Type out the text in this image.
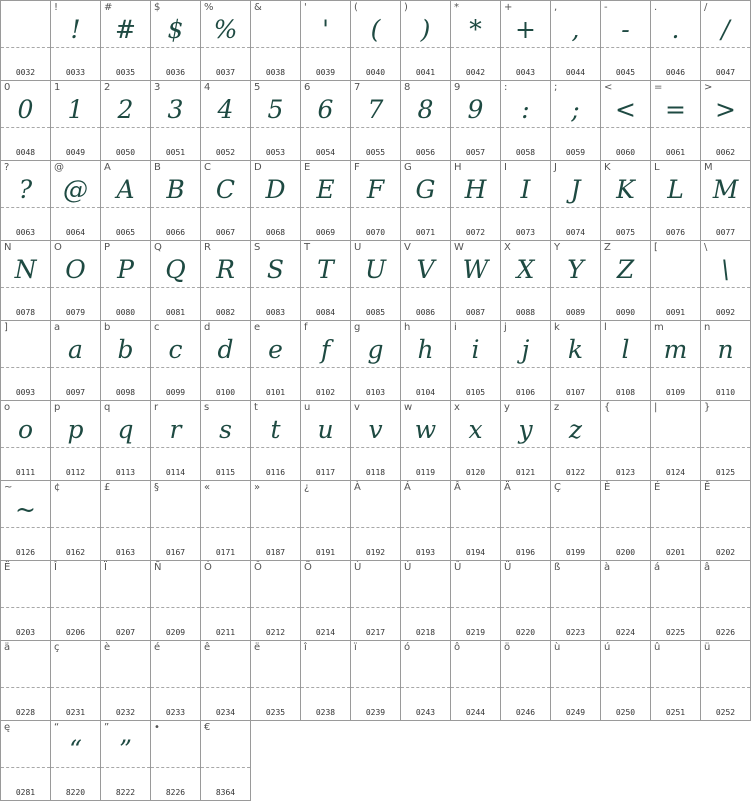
0032
!
!
0033
#
#
0035
$
$
0036
%
%
0037
&
0038
'
'
0039
(
(
0040
)
)
0041
*
*
0042
+
+
0043
,
,
0044
-
-
0045
.
.
0046
/
/
0047
0
0
0048
1
1
0049
2
2
0050
3
3
0051
4
4
0052
5
5
0053
6
6
0054
7
7
0055
8
8
0056
9
9
0057
:
:
0058
;
;
0059
<
<
0060
=
=
0061
>
>
0062
?
?
0063
@
@
0064
A
A
0065
B
B
0066
C
C
0067
D
D
0068
E
E
0069
F
F
0070
G
G
0071
H
H
0072
I
I
0073
J
J
0074
K
K
0075
L
L
0076
M
M
0077
N
N
0078
O
O
0079
P
P
0080
Q
Q
0081
R
R
0082
S
S
0083
T
T
0084
U
U
0085
V
V
0086
W
W
0087
X
X
0088
Y
Y
0089
Z
Z
0090
[
0091
\
\
0092
]
0093
a
a
0097
b
b
0098
c
c
0099
d
d
0100
e
e
0101
f
f
0102
g
g
0103
h
h
0104
i
i
0105
j
j
0106
k
k
0107
l
l
0108
m
m
0109
n
n
0110
o
o
0111
p
p
0112
q
q
0113
r
r
0114
s
s
0115
t
t
0116
u
u
0117
v
v
0118
w
w
0119
x
x
0120
y
y
0121
z
z
0122
{
0123
|
0124
}
0125
~
~
0126
¢
0162
£
0163
§
0167
«
0171
»
0187
¿
0191
À
0192
Á
0193
Â
0194
Ä
0196
Ç
0199
È
0200
É
0201
Ê
0202
Ë
0203
Î
0206
Ï
0207
Ñ
0209
Ó
0211
Ô
0212
Ö
0214
Ù
0217
Ú
0218
Û
0219
Ü
0220
ß
0223
à
0224
á
0225
â
0226
ä
0228
ç
0231
è
0232
é
0233
ê
0234
ë
0235
î
0238
ï
0239
ó
0243
ô
0244
ö
0246
ù
0249
ú
0250
û
0251
ü
0252
ę
0281
“
“
8220
”
”
8222
•
8226
€
8364
